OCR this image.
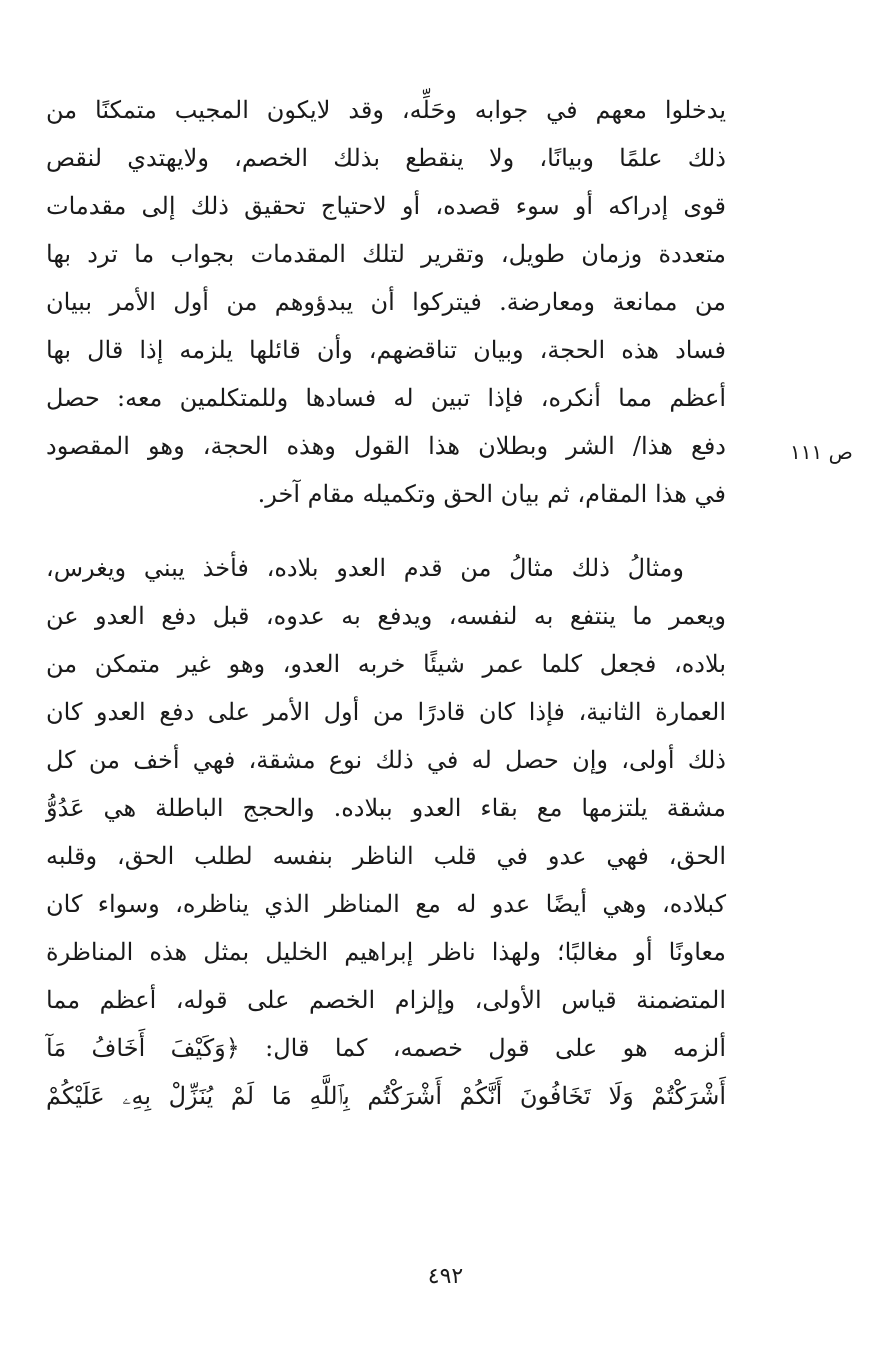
ص ١١١
يدخلوا معهم في جوابه وحَلِّه، وقد لايكون المجيب متمكنًا من
ذلك علمًا وبيانًا، ولا ينقطع بذلك الخصم، ولايهتدي لنقص
قوى إدراكه أو سوء قصده، أو لاحتياج تحقيق ذلك إلى مقدمات
متعددة وزمان طويل، وتقرير لتلك المقدمات بجواب ما ترد بها
من ممانعة ومعارضة. فيتركوا أن يبدؤوهم من أول الأمر ببيان
فساد هذه الحجة، وبيان تناقضهم، وأن قائلها يلزمه إذا قال بها
أعظم مما أنكره، فإذا تبين له فسادها وللمتكلمين معه: حصل
دفع هذا/ الشر وبطلان هذا القول وهذه الحجة، وهو المقصود
في هذا المقام، ثم بيان الحق وتكميله مقام آخر.
ومثالُ ذلك مثالُ من قدم العدو بلاده، فأخذ يبني ويغرس،
ويعمر ما ينتفع به لنفسه، ويدفع به عدوه، قبل دفع العدو عن
بلاده، فجعل كلما عمر شيئًا خربه العدو، وهو غير متمكن من
العمارة الثانية، فإذا كان قادرًا من أول الأمر على دفع العدو كان
ذلك أولى، وإن حصل له في ذلك نوع مشقة، فهي أخف من كل
مشقة يلتزمها مع بقاء العدو ببلاده. والحجج الباطلة هي عَدُوُّ
الحق، فهي عدو في قلب الناظر بنفسه لطلب الحق، وقلبه
كبلاده، وهي أيضًا عدو له مع المناظر الذي يناظره، وسواء كان
معاونًا أو مغالبًا؛ ولهذا ناظر إبراهيم الخليل بمثل هذه المناظرة
المتضمنة قياس الأولى، وإلزام الخصم على قوله، أعظم مما
ألزمه هو على قول خصمه، كما قال: ﴿وَكَيْفَ أَخَافُ مَآ
أَشْرَكْتُمْ وَلَا تَخَافُونَ أَنَّكُمْ أَشْرَكْتُم بِٱللَّهِ مَا لَمْ يُنَزِّلْ بِهِۦ عَلَيْكُمْ
٤٩٢
